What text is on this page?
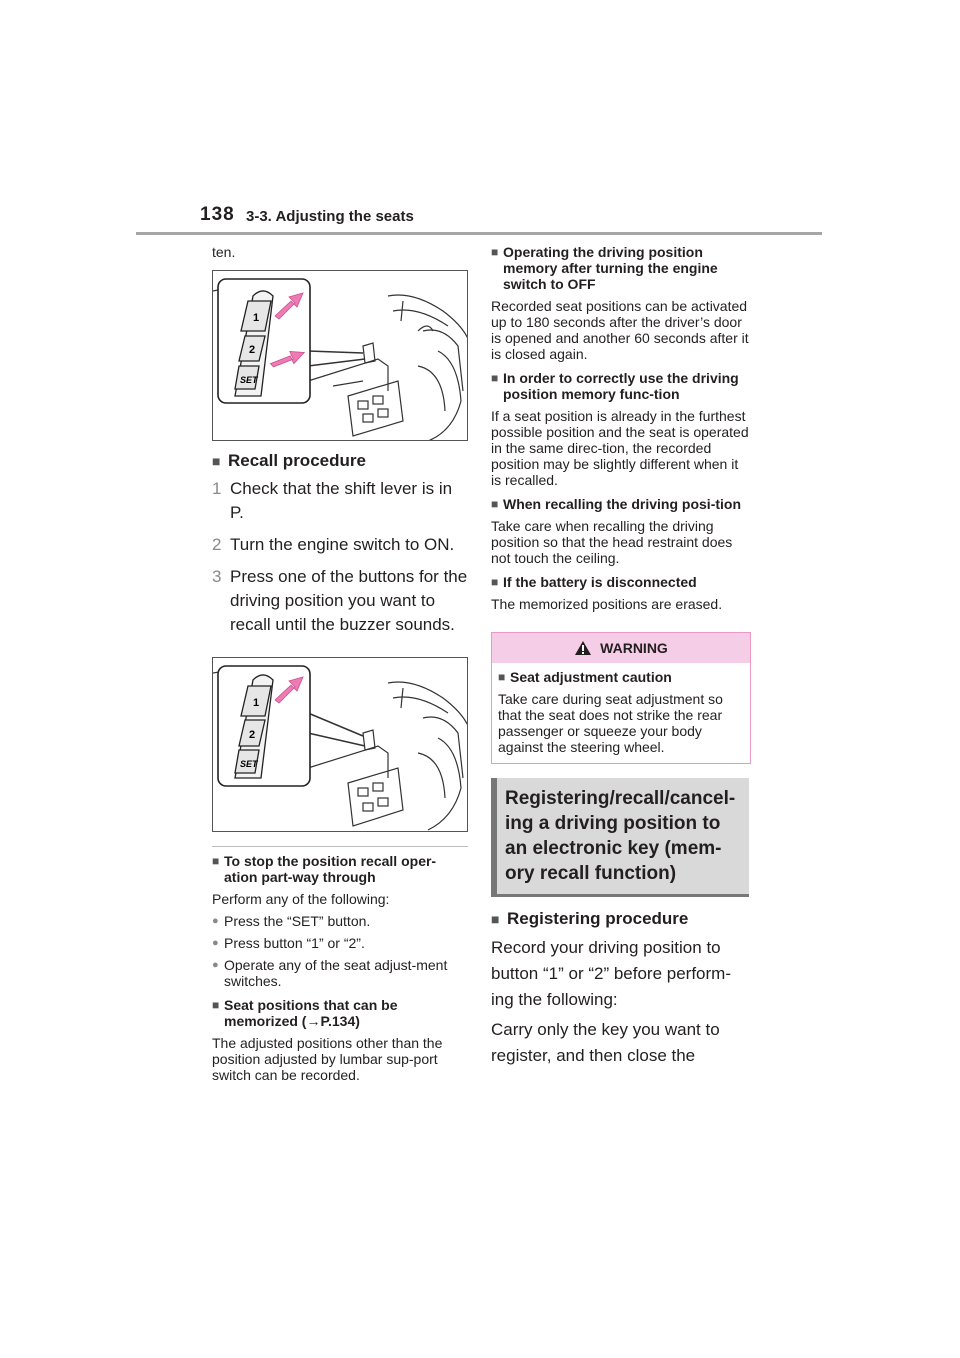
138 3-3. Adjusting the seats
ten.
1
2
SET
■ Recall procedure
1 Check that the shift lever is in P.
2 Turn the engine switch to ON.
3 Press one of the buttons for the driving position you want to recall until the buzzer sounds.
1
2
SET
■ To stop the position recall oper-ation part-way through
Perform any of the following:
● Press the “SET” button.
● Press button “1” or “2”.
● Operate any of the seat adjust-ment switches.
■ Seat positions that can be memorized (→P.134)
The adjusted positions other than the position adjusted by lumbar sup-port switch can be recorded.
■ Operating the driving position memory after turning the engine switch to OFF
Recorded seat positions can be activated up to 180 seconds after the driver’s door is opened and another 60 seconds after it is closed again.
■ In order to correctly use the driving position memory func-tion
If a seat position is already in the furthest possible position and the seat is operated in the same direc-tion, the recorded position may be slightly different when it is recalled.
■ When recalling the driving posi-tion
Take care when recalling the driving position so that the head restraint does not touch the ceiling.
■ If the battery is disconnected
The memorized positions are erased.
WARNING
■ Seat adjustment caution
Take care during seat adjustment so that the seat does not strike the rear passenger or squeeze your body against the steering wheel.
Registering/recall/cancel-ing a driving position to an electronic key (mem-ory recall function)
■ Registering procedure
Record your driving position to button “1” or “2” before perform-ing the following:
Carry only the key you want to register, and then close the
